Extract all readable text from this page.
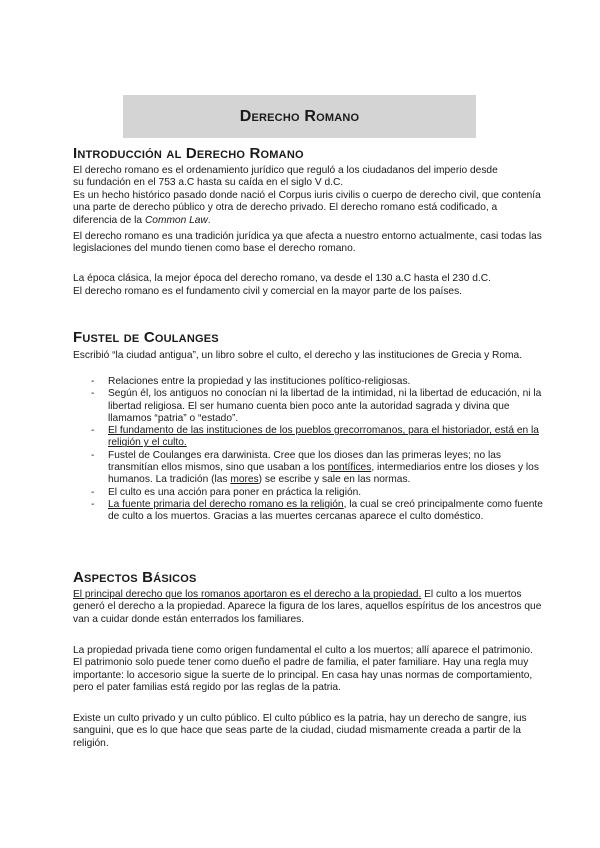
Derecho Romano
Introducción al Derecho Romano

El derecho romano es el ordenamiento jurídico que reguló a los ciudadanos del imperio desde
su fundación en el 753 a.C hasta su caída en el siglo V d.C.

Es un hecho histórico pasado donde nació el Corpus iuris civilis o cuerpo de derecho civil, que contenía una parte de derecho público y otra de derecho privado. El derecho romano está codificado, a diferencia de la Common Law.

El derecho romano es una tradición jurídica ya que afecta a nuestro entorno actualmente, casi todas las legislaciones del mundo tienen como base el derecho romano.

La época clásica, la mejor época del derecho romano, va desde el 130 a.C hasta el 230 d.C.

El derecho romano es el fundamento civil y comercial en la mayor parte de los países.

Fustel de Coulanges

Escribió “la ciudad antigua”, un libro sobre el culto, el derecho y las instituciones de Grecia y Roma.

- Relaciones entre la propiedad y las instituciones político-religiosas.
- Según él, los antiguos no conocían ni la libertad de la intimidad, ni la libertad de educación, ni la libertad religiosa. El ser humano cuenta bien poco ante la autoridad sagrada y divina que llamamos “patria” o “estado”.
- El fundamento de las instituciones de los pueblos grecorromanos, para el historiador, está en la religión y el culto.
- Fustel de Coulanges era darwinista. Cree que los dioses dan las primeras leyes; no las transmitían ellos mismos, sino que usaban a los pontífices, intermediarios entre los dioses y los humanos. La tradición (las mores) se escribe y sale en las normas.
- El culto es una acción para poner en práctica la religión.
- La fuente primaria del derecho romano es la religión, la cual se creó principalmente como fuente de culto a los muertos. Gracias a las muertes cercanas aparece el culto doméstico.
Aspectos Básicos

El principal derecho que los romanos aportaron es el derecho a la propiedad. El culto a los muertos generó el derecho a la propiedad. Aparece la figura de los lares, aquellos espíritus de los ancestros que van a cuidar donde están enterrados los familiares.

La propiedad privada tiene como origen fundamental el culto a los muertos; allí aparece el patrimonio. El patrimonio solo puede tener como dueño el padre de familia, el pater familiare. Hay una regla muy importante: lo accesorio sigue la suerte de lo principal. En casa hay unas normas de comportamiento, pero el pater familias está regido por las reglas de la patria.

Existe un culto privado y un culto público. El culto público es la patria, hay un derecho de sangre, ius sanguini, que es lo que hace que seas parte de la ciudad, ciudad mismamente creada a partir de la religión.
